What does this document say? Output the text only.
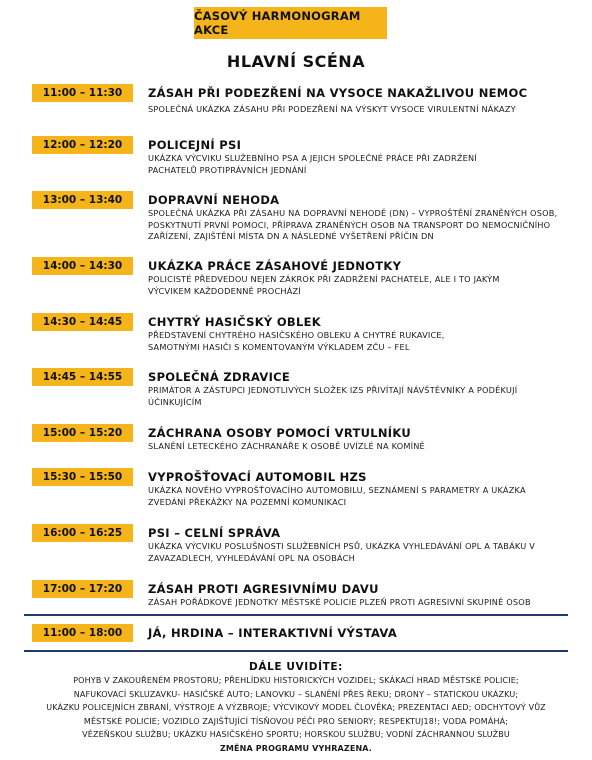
ČASOVÝ HARMONOGRAM AKCE
HLAVNÍ SCÉNA
11:00 – 11:30	ZÁSAH PŘI PODEZŘENÍ NA VYSOCE NAKAŽLIVOU NEMOC
SPOLEČNÁ UKÁZKA ZÁSAHU PŘI PODEZŘENÍ NA VÝSKYT VYSOCE VIRULENTNÍ NÁKAZY
12:00 – 12:20	POLICEJNÍ PSI
UKÁZKA VÝCVIKU SLUŽEBNÍHO PSA A JEJICH SPOLEČNÉ PRÁCE PŘI ZADRŽENÍ PACHATELŮ PROTIPRÁVNÍCH JEDNÁNÍ
13:00 – 13:40	DOPRAVNÍ NEHODA
SPOLEČNÁ UKÁZKA PŘI ZÁSAHU NA DOPRAVNÍ NEHODĚ (DN) – VYPROŠTĚNÍ ZRANĚNÝCH OSOB, POSKYTNUTÍ PRVNÍ POMOCI, PŘÍPRAVA ZRANĚNÝCH OSOB NA TRANSPORT DO NEMOCNIČNÍHO ZAŘÍZENÍ, ZAJIŠTĚNÍ MÍSTA DN A NÁSLEDNÉ VYŠETŘENÍ PŘÍČIN DN
14:00 – 14:30	UKÁZKA PRÁCE ZÁSAHOVÉ JEDNOTKY
POLICISTÉ PŘEDVEDOU NEJEN ZÁKROK PŘI ZADRŽENÍ PACHATELE, ALE I TO JAKÝM VÝCVIKEM KAŽDODENNĚ PROCHÁZÍ
14:30 – 14:45	CHYTRÝ HASIČSKÝ OBLEK
PŘEDSTAVENÍ CHYTRÉHO HASIČSKÉHO OBLEKU A CHYTRÉ RUKAVICE, SAMOTNÝMI HASIČI S KOMENTOVANÝM VÝKLADEM ZČU – FEL
14:45 – 14:55	SPOLEČNÁ ZDRAVICE
PRIMÁTOR A ZÁSTUPCI JEDNOTLIVÝCH SLOŽEK IZS PŘIVÍTAJÍ NÁVŠTĚVNÍKY A PODĚKUJÍ ÚČINKUJÍCÍM
15:00 – 15:20	ZÁCHRANA OSOBY POMOCÍ VRTULNÍKU
SLANĚNÍ LETECKÉHO ZÁCHRANÁŘE K OSOBĚ UVÍZLÉ NA KOMÍNĚ
15:30 – 15:50	VYPROŠŤOVACÍ AUTOMOBIL HZS
UKÁZKA NOVÉHO VYPROŠŤOVACÍHO AUTOMOBILU, SEZNÁMENÍ S PARAMETRY A UKÁZKA ZVEDÁNÍ PŘEKÁŽKY NA POZEMNÍ KOMUNIKACI
16:00 – 16:25	PSI – CELNÍ SPRÁVA
UKÁZKA VÝCVIKU POSLUŠNOSTI SLUŽEBNÍCH PSŮ, UKÁZKA VYHLEDÁVÁNÍ OPL A TABÁKU V ZAVAZADLECH, VYHLEDÁVÁNÍ OPL NA OSOBÁCH
17:00 – 17:20	ZÁSAH PROTI AGRESIVNÍMU DAVU
ZÁSAH POŘÁDKOVÉ JEDNOTKY MĚSTSKÉ POLICIE PLZEŇ PROTI AGRESIVNÍ SKUPINĚ OSOB
11:00 – 18:00	JÁ, HRDINA – INTERAKTIVNÍ VÝSTAVA
DÁLE UVIDÍTE:
POHYB V ZAKOUŘENÉM PROSTORU; PŘEHLÍDKU HISTORICKÝCH VOZIDEL; SKÁKACÍ HRAD MĚSTSKÉ POLICIE;
NAFUKOVACÍ SKLUZAVKU- HASIČSKÉ AUTO; LANOVKU – SLANĚNÍ PŘES ŘEKU; DRONY – STATICKOU UKÁZKU;
UKÁZKU POLICEJNÍCH ZBRANÍ, VÝSTROJE A VÝZBROJE; VÝCVIKOVÝ MODEL ČLOVĚKA; PREZENTACI AED; ODCHYTOVÝ VŮZ
MĚSTSKÉ POLICIE; VOZIDLO ZAJIŠŤUJÍCÍ TÍSŇOVOU PÉČI PRO SENIORY; RESPEKTUJ18!; VODA POMÁHÁ;
VĚZEŇSKOU SLUŽBU; UKÁZKU HASIČSKÉHO SPORTU; HORSKOU SLUŽBU; VODNÍ ZÁCHRANNOU SLUŽBU
ZMĚNA PROGRAMU VYHRAZENA.
